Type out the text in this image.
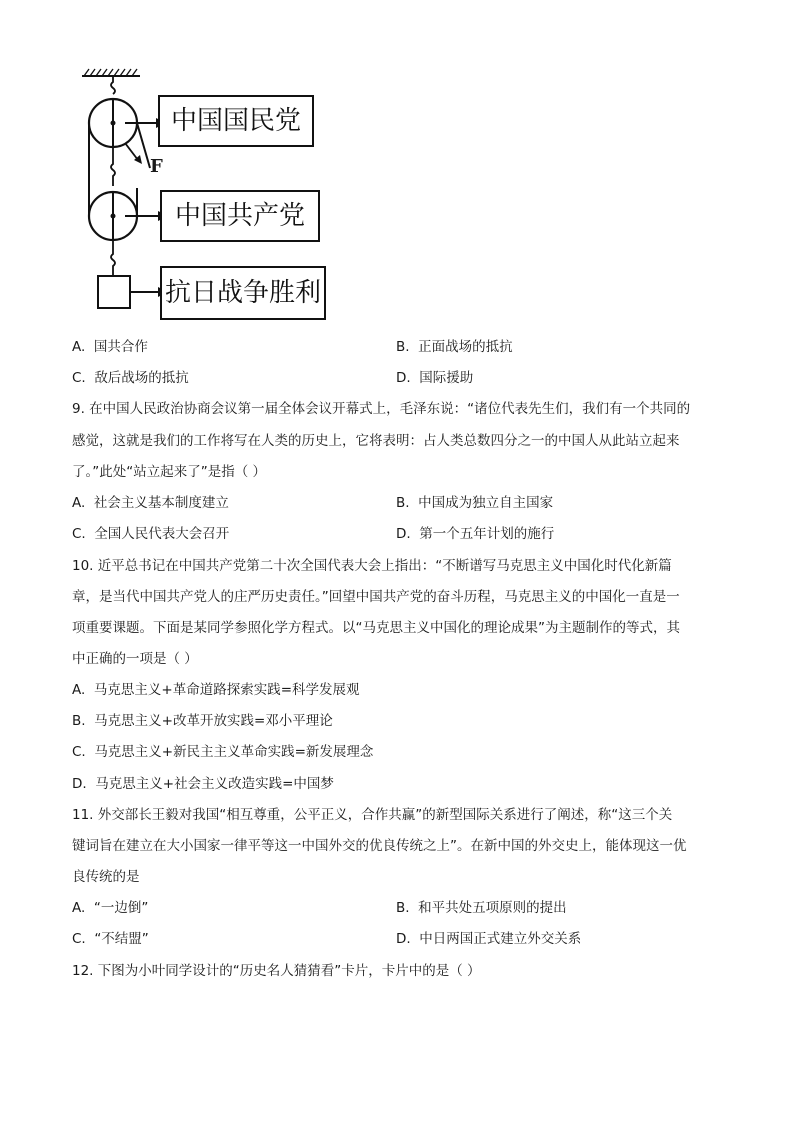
F
中国国民党
中国共产党
抗日战争胜利
A. 国共合作	B. 正面战场的抵抗
C. 敌后战场的抵抗	D. 国际援助
9. 在中国人民政治协商会议第一届全体会议开幕式上，毛泽东说：“诸位代表先生们，我们有一个共同的
感觉，这就是我们的工作将写在人类的历史上，它将表明：占人类总数四分之一的中国人从此站立起来
了。”此处“站立起来了”是指（ ）
A. 社会主义基本制度建立	B. 中国成为独立自主国家
C. 全国人民代表大会召开	D. 第一个五年计划的施行
10. 近平总书记在中国共产党第二十次全国代表大会上指出：“不断谱写马克思主义中国化时代化新篇
章，是当代中国共产党人的庄严历史责任。”回望中国共产党的奋斗历程，马克思主义的中国化一直是一
项重要课题。下面是某同学参照化学方程式。以“马克思主义中国化的理论成果”为主题制作的等式，其
中正确的一项是（ ）
A. 马克思主义+革命道路探索实践=科学发展观
B. 马克思主义+改革开放实践=邓小平理论
C. 马克思主义+新民主主义革命实践=新发展理念
D. 马克思主义+社会主义改造实践=中国梦
11. 外交部长王毅对我国“相互尊重，公平正义，合作共赢”的新型国际关系进行了阐述，称“这三个关
键词旨在建立在大小国家一律平等这一中国外交的优良传统之上”。在新中国的外交史上，能体现这一优
良传统的是
A. “一边倒”	B. 和平共处五项原则的提出
C. “不结盟”	D. 中日两国正式建立外交关系
12. 下图为小叶同学设计的“历史名人猜猜看”卡片，卡片中的是（ ）
